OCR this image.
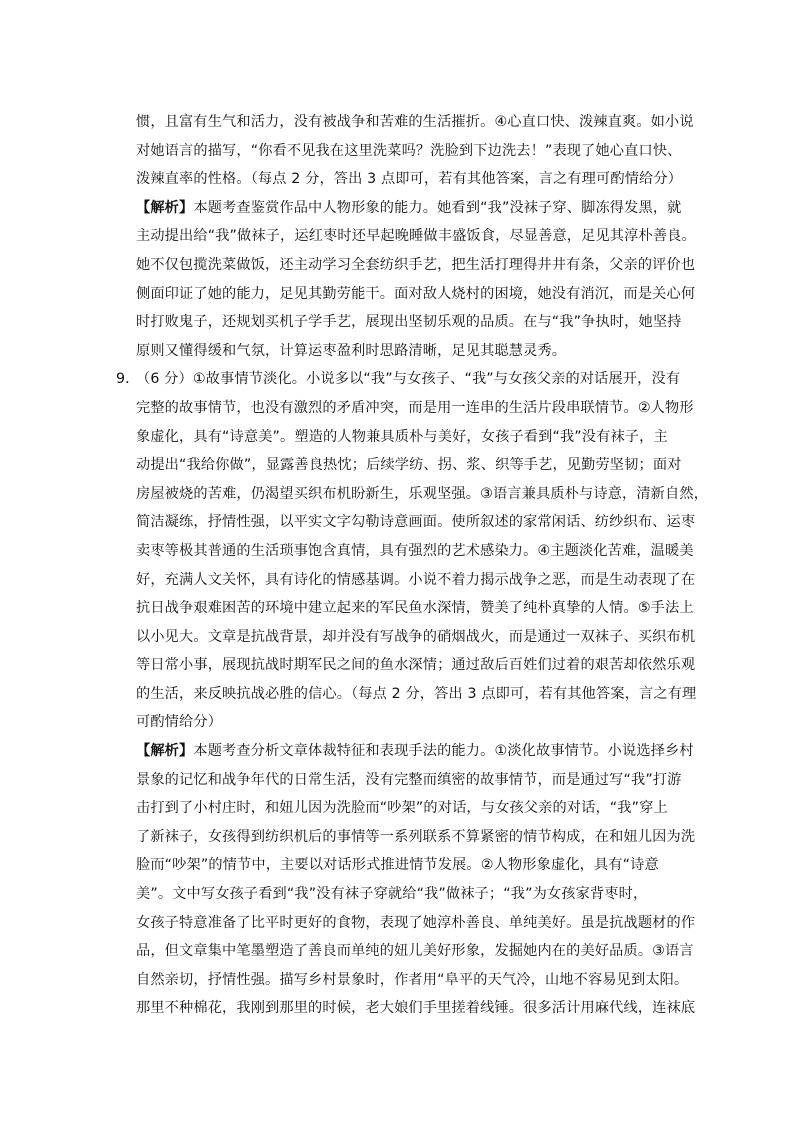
惯，且富有生气和活力，没有被战争和苦难的生活摧折。④心直口快、泼辣直爽。如小说
对她语言的描写，“你看不见我在这里洗菜吗？洗脸到下边洗去！”表现了她心直口快、
泼辣直率的性格。（每点 2 分，答出 3 点即可，若有其他答案，言之有理可酌情给分）
【解析】本题考查鉴赏作品中人物形象的能力。她看到“我”没袜子穿、脚冻得发黑，就
主动提出给“我”做袜子，运红枣时还早起晚睡做丰盛饭食，尽显善意，足见其淳朴善良。
她不仅包揽洗菜做饭，还主动学习全套纺织手艺，把生活打理得井井有条，父亲的评价也
侧面印证了她的能力，足见其勤劳能干。面对敌人烧村的困境，她没有消沉，而是关心何
时打败鬼子，还规划买机子学手艺，展现出坚韧乐观的品质。在与“我”争执时，她坚持
原则又懂得缓和气氛，计算运枣盈利时思路清晰，足见其聪慧灵秀。
9．
（6 分）①故事情节淡化。小说多以“我”与女孩子、“我”与女孩父亲的对话展开，没有
完整的故事情节，也没有激烈的矛盾冲突，而是用一连串的生活片段串联情节。②人物形
象虚化，具有“诗意美”。塑造的人物兼具质朴与美好，女孩子看到“我”没有袜子，主
动提出“我给你做”，显露善良热忱；后续学纺、拐、浆、织等手艺，见勤劳坚韧；面对
房屋被烧的苦难，仍渴望买织布机盼新生，乐观坚强。③语言兼具质朴与诗意，清新自然，
简洁凝练，抒情性强，以平实文字勾勒诗意画面。使所叙述的家常闲话、纺纱织布、运枣
卖枣等极其普通的生活琐事饱含真情，具有强烈的艺术感染力。④主题淡化苦难，温暖美
好，充满人文关怀，具有诗化的情感基调。小说不着力揭示战争之恶，而是生动表现了在
抗日战争艰难困苦的环境中建立起来的军民鱼水深情，赞美了纯朴真挚的人情。⑤手法上
以小见大。文章是抗战背景，却并没有写战争的硝烟战火，而是通过一双袜子、买织布机
等日常小事，展现抗战时期军民之间的鱼水深情；通过敌后百姓们过着的艰苦却依然乐观
的生活，来反映抗战必胜的信心。（每点 2 分，答出 3 点即可，若有其他答案，言之有理
可酌情给分）
【解析】本题考查分析文章体裁特征和表现手法的能力。①淡化故事情节。小说选择乡村
景象的记忆和战争年代的日常生活，没有完整而缜密的故事情节，而是通过写“我”打游
击打到了小村庄时，和妞儿因为洗脸而“吵架”的对话，与女孩父亲的对话，“我”穿上
了新袜子，女孩得到纺织机后的事情等一系列联系不算紧密的情节构成，在和妞儿因为洗
脸而“吵架”的情节中，主要以对话形式推进情节发展。②人物形象虚化，具有“诗意
美”。文中写女孩子看到“我”没有袜子穿就给“我”做袜子；“我”为女孩家背枣时，
女孩子特意准备了比平时更好的食物，表现了她淳朴善良、单纯美好。虽是抗战题材的作
品，但文章集中笔墨塑造了善良而单纯的妞儿美好形象，发掘她内在的美好品质。③语言
自然亲切，抒情性强。描写乡村景象时，作者用“阜平的天气冷，山地不容易见到太阳。
那里不种棉花，我刚到那里的时候，老大娘们手里搓着线锤。很多活计用麻代线，连袜底
